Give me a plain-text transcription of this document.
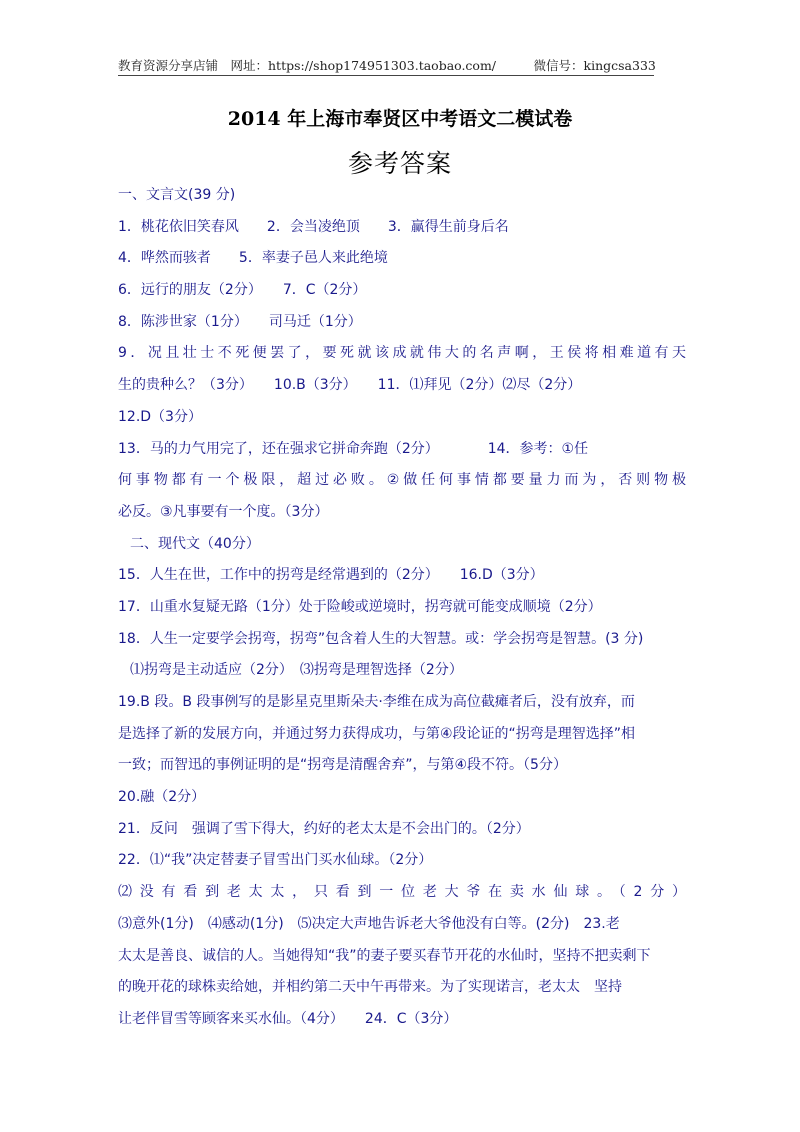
教育资源分享店铺　网址：https://shop174951303.taobao.com/　　　微信号：kingcsa333
2014 年上海市奉贤区中考语文二模试卷
参考答案
一、文言文(39 分)
1．桃花依旧笑春风　　2．会当凌绝顶　　3．赢得生前身后名
4．哗然而骇者　　5．率妻子邑人来此绝境
6．远行的朋友（2分）　　7．C（2分）
8．陈涉世家（1分）　　司马迁（1分）
9．况且壮士不死便罢了，要死就该成就伟大的名声啊，王侯将相难道有天
生的贵种么？（3分）　　10.B（3分）　　11．⑴拜见（2分）⑵尽（2分）
12.D（3分）
13．马的力气用完了，还在强求它拼命奔跑（2分）　　　　14．参考：①任
何事物都有一个极限，超过必败。②做任何事情都要量力而为，否则物极
必反。③凡事要有一个度。（3分）
二、现代文（40分）
15．人生在世，工作中的拐弯是经常遇到的（2分）　　16.D（3分）
17．山重水复疑无路（1分）处于险峻或逆境时，拐弯就可能变成顺境（2分）
18．人生一定要学会拐弯，拐弯”包含着人生的大智慧。或：学会拐弯是智慧。(3 分)
⑴拐弯是主动适应（2分）　⑶拐弯是理智选择（2分）
19.B 段。B 段事例写的是影星克里斯朵夫·李维在成为高位截瘫者后，没有放弃，而
是选择了新的发展方向，并通过努力获得成功，与第④段论证的“拐弯是理智选择”相
一致；而智迅的事例证明的是“拐弯是清醒舍弃”，与第④段不符。（5分）
20.融（2分）
21．反问　强调了雪下得大，约好的老太太是不会出门的。（2分）
22．⑴“我”决定替妻子冒雪出门买水仙球。（2分）
⑵没有看到老太太，只看到一位老大爷在卖水仙球。（2分）
⑶意外(1分)　⑷感动(1分)　⑸决定大声地告诉老大爷他没有白等。(2分)　23.老
太太是善良、诚信的人。当她得知“我”的妻子要买春节开花的水仙时，坚持不把卖剩下
的晚开花的球株卖给她，并相约第二天中午再带来。为了实现诺言，老太太　坚持
让老伴冒雪等顾客来买水仙。（4分）　　24．C（3分）
